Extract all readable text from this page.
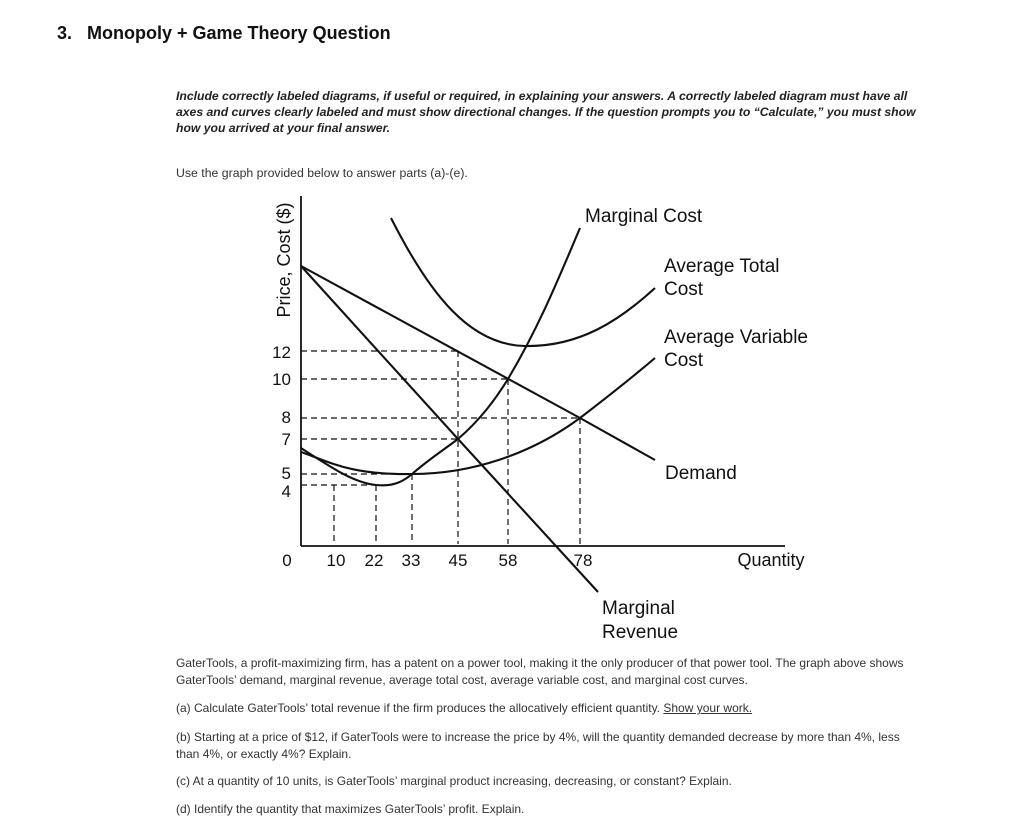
3. Monopoly + Game Theory Question
Include correctly labeled diagrams, if useful or required, in explaining your answers. A correctly labeled diagram must have all axes and curves clearly labeled and must show directional changes. If the question prompts you to “Calculate,” you must show how you arrived at your final answer.
Use the graph provided below to answer parts (a)-(e).
Price, Cost ($)
Quantity
12
10
8
7
5
4
0 10 22 33 45 58	78
Marginal Cost
Average Total Cost
Average Variable Cost
Demand
Marginal Revenue

GaterTools, a profit-maximizing firm, has a patent on a power tool, making it the only producer of that power tool. The graph above shows GaterTools’ demand, marginal revenue, average total cost, average variable cost, and marginal cost curves.

(a) Calculate GaterTools’ total revenue if the firm produces the allocatively efficient quantity. Show your work.

(b) Starting at a price of $12, if GaterTools were to increase the price by 4%, will the quantity demanded decrease by more than 4%, less than 4%, or exactly 4%? Explain.

(c) At a quantity of 10 units, is GaterTools’ marginal product increasing, decreasing, or constant? Explain.

(d) Identify the quantity that maximizes GaterTools’ profit. Explain.
